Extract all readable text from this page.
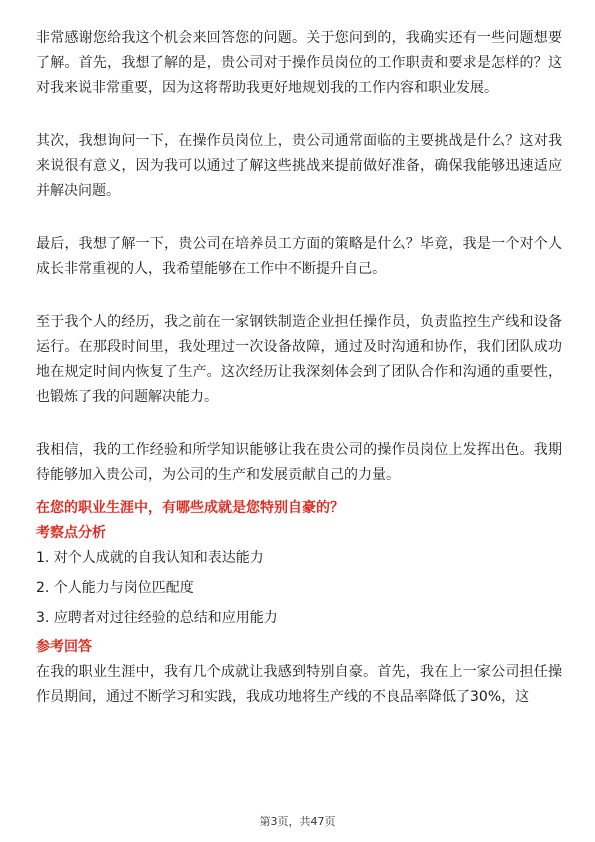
非常感谢您给我这个机会来回答您的问题。关于您问到的，我确实还有一些问题想要了解。首先，我想了解的是，贵公司对于操作员岗位的工作职责和要求是怎样的？这对我来说非常重要，因为这将帮助我更好地规划我的工作内容和职业发展。

其次，我想询问一下，在操作员岗位上，贵公司通常面临的主要挑战是什么？这对我来说很有意义，因为我可以通过了解这些挑战来提前做好准备，确保我能够迅速适应并解决问题。

最后，我想了解一下，贵公司在培养员工方面的策略是什么？毕竟，我是一个对个人成长非常重视的人，我希望能够在工作中不断提升自己。

至于我个人的经历，我之前在一家钢铁制造企业担任操作员，负责监控生产线和设备运行。在那段时间里，我处理过一次设备故障，通过及时沟通和协作，我们团队成功地在规定时间内恢复了生产。这次经历让我深刻体会到了团队合作和沟通的重要性，也锻炼了我的问题解决能力。

我相信，我的工作经验和所学知识能够让我在贵公司的操作员岗位上发挥出色。我期待能够加入贵公司，为公司的生产和发展贡献自己的力量。

在您的职业生涯中，有哪些成就是您特别自豪的？

考察点分析

1. 对个人成就的自我认知和表达能力
2. 个人能力与岗位匹配度
3. 应聘者对过往经验的总结和应用能力

参考回答

在我的职业生涯中，我有几个成就让我感到特别自豪。首先，我在上一家公司担任操作员期间，通过不断学习和实践，我成功地将生产线的不良品率降低了30%，这

第3页，共47页
